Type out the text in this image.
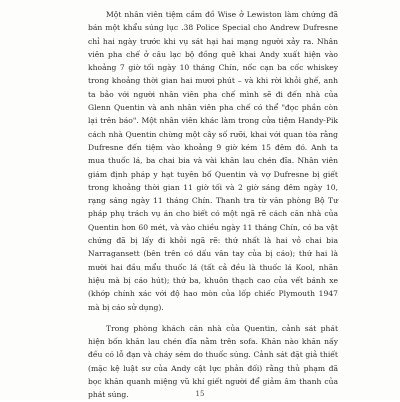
Một nhân viên tiệm cầm đồ Wise ở Lewiston làm chứng đã bán một khẩu súng lục .38 Police Special cho Andrew Dufresne chỉ hai ngày trước khi vụ sát hại hai mạng người xảy ra. Nhân viên pha chế ở câu lạc bộ đồng quê khai Andy xuất hiện vào khoảng 7 giờ tối ngày 10 tháng Chín, nốc cạn ba cốc whiskey trong khoảng thời gian hai mươi phút – và khi rời khỏi ghế, anh ta bảo với người nhân viên pha chế mình sẽ đi đến nhà của Glenn Quentin và anh nhân viên pha chế có thể "đọc phần còn lại trên báo". Một nhân viên khác làm trong cửa tiệm Handy-Pik cách nhà Quentin chừng một cây số rưỡi, khai với quan tòa rằng Dufresne đến tiệm vào khoảng 9 giờ kém 15 đêm đó. Anh ta mua thuốc lá, ba chai bia và vài khăn lau chén đĩa. Nhân viên giám định pháp y hạt tuyên bố Quentin và vợ Dufresne bị giết trong khoảng thời gian 11 giờ tối và 2 giờ sáng đêm ngày 10, rạng sáng ngày 11 tháng Chín. Thanh tra từ văn phòng Bộ Tư pháp phụ trách vụ án cho biết có một ngã rẽ cách căn nhà của Quentin hơn 60 mét, và vào chiều ngày 11 tháng Chín, có ba vật chứng đã bị lấy đi khỏi ngã rẽ: thứ nhất là hai vỏ chai bia Narragansett (bên trên có dấu vân tay của bị cáo); thứ hai là mười hai đầu mẩu thuốc lá (tất cả đều là thuốc lá Kool, nhãn hiệu mà bị cáo hút); thứ ba, khuôn thạch cao của vết bánh xe (khớp chính xác với độ hao mòn của lốp chiếc Plymouth 1947 mà bị cáo sử dụng).

Trong phòng khách căn nhà của Quentin, cảnh sát phát hiện bốn khăn lau chén đĩa nằm trên sofa. Khăn nào khăn nấy đều có lỗ đạn và cháy sém do thuốc súng. Cảnh sát đặt giả thiết (mặc kệ luật sư của Andy cật lực phản đối) rằng thủ phạm đã bọc khăn quanh miệng vũ khí giết người để giảm âm thanh của phát súng.	15
